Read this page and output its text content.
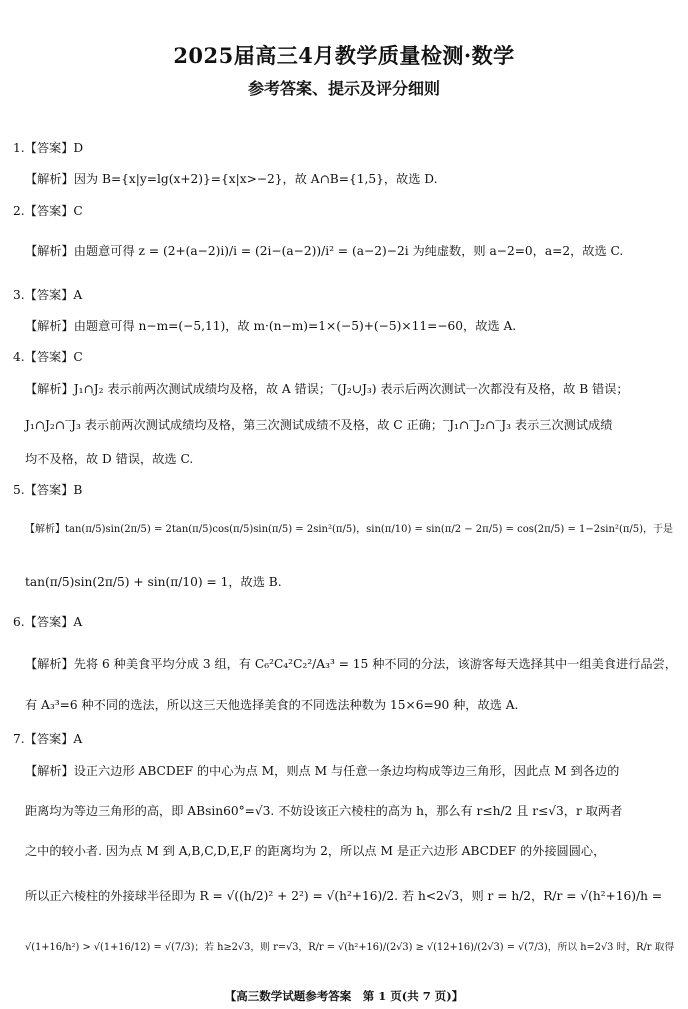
2025届高三4月教学质量检测·数学
参考答案、提示及评分细则
1.【答案】D
【解析】因为 B={x|y=lg(x+2)}={x|x>−2}，故 A∩B={1,5}，故选 D.
2.【答案】C
【解析】由题意可得 z = (2+(a−2)i)/i = (2i−(a−2))/i² = (a−2)−2i 为纯虚数，则 a−2=0，a=2，故选 C.
3.【答案】A
【解析】由题意可得 n−m=(−5,11)，故 m·(n−m)=1×(−5)+(−5)×11=−60，故选 A.
4.【答案】C
【解析】J₁∩J₂ 表示前两次测试成绩均及格，故 A 错误；‾(J₂∪J₃) 表示后两次测试一次都没有及格，故 B 错误；
J₁∩J₂∩‾J₃ 表示前两次测试成绩均及格，第三次测试成绩不及格，故 C 正确；‾J₁∩‾J₂∩‾J₃ 表示三次测试成绩
均不及格，故 D 错误，故选 C.
5.【答案】B
【解析】tan(π/5)sin(2π/5) = 2tan(π/5)cos(π/5)sin(π/5) = 2sin²(π/5)，sin(π/10) = sin(π/2 − 2π/5) = cos(2π/5) = 1−2sin²(π/5)，于是
tan(π/5)sin(2π/5) + sin(π/10) = 1，故选 B.
6.【答案】A
【解析】先将 6 种美食平均分成 3 组，有 C₆²C₄²C₂²/A₃³ = 15 种不同的分法，该游客每天选择其中一组美食进行品尝，
有 A₃³=6 种不同的选法，所以这三天他选择美食的不同选法种数为 15×6=90 种，故选 A.
7.【答案】A
【解析】设正六边形 ABCDEF 的中心为点 M，则点 M 与任意一条边均构成等边三角形，因此点 M 到各边的
距离均为等边三角形的高，即 ABsin60°=√3. 不妨设该正六棱柱的高为 h，那么有 r≤h/2 且 r≤√3，r 取两者
之中的较小者. 因为点 M 到 A,B,C,D,E,F 的距离均为 2，所以点 M 是正六边形 ABCDEF 的外接圆圆心，
所以正六棱柱的外接球半径即为 R = √((h/2)² + 2²) = √(h²+16)/2. 若 h<2√3，则 r = h/2，R/r = √(h²+16)/h =
√(1+16/h²) > √(1+16/12) = √(7/3)；若 h≥2√3，则 r=√3，R/r = √(h²+16)/(2√3) ≥ √(12+16)/(2√3) = √(7/3)，所以 h=2√3 时，R/r 取得
【高三数学试题参考答案　第 1 页(共 7 页)】
